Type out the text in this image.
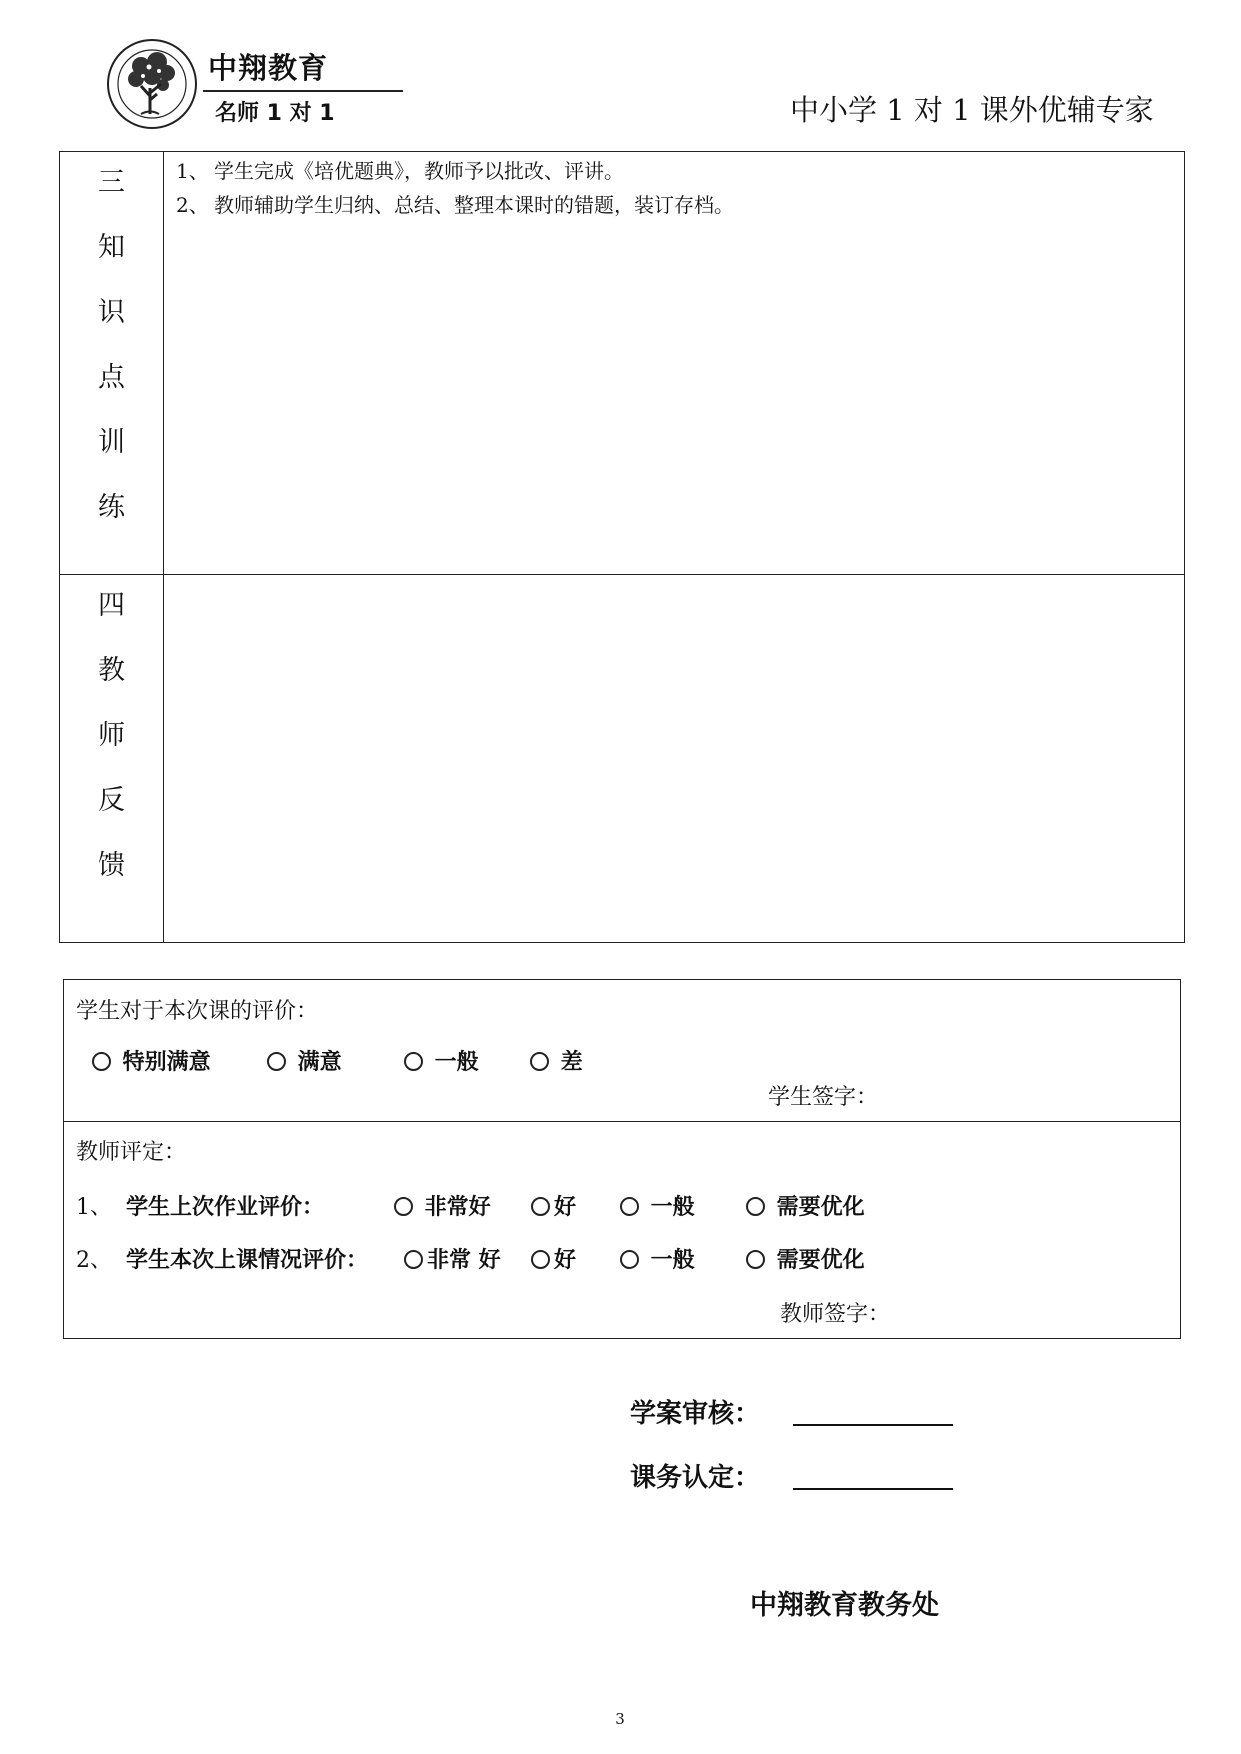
中翔教育
名师 1 对 1	中小学 1 对 1 课外优辅专家
三
知
识
点
训
练
1、 学生完成《培优题典》，教师予以批改、评讲。
2、 教师辅助学生归纳、总结、整理本课时的错题，装订存档。
四
教
师
反
馈
学生对于本次课的评价：
特别满意	满意	一般	差
学生签字：
教师评定：
1、 学生上次作业评价：	非常好	好	一般	需要优化
2、 学生本次上课情况评价：	非常 好	好	一般	需要优化
教师签字：
学案审核：
课务认定：
中翔教育教务处
3
